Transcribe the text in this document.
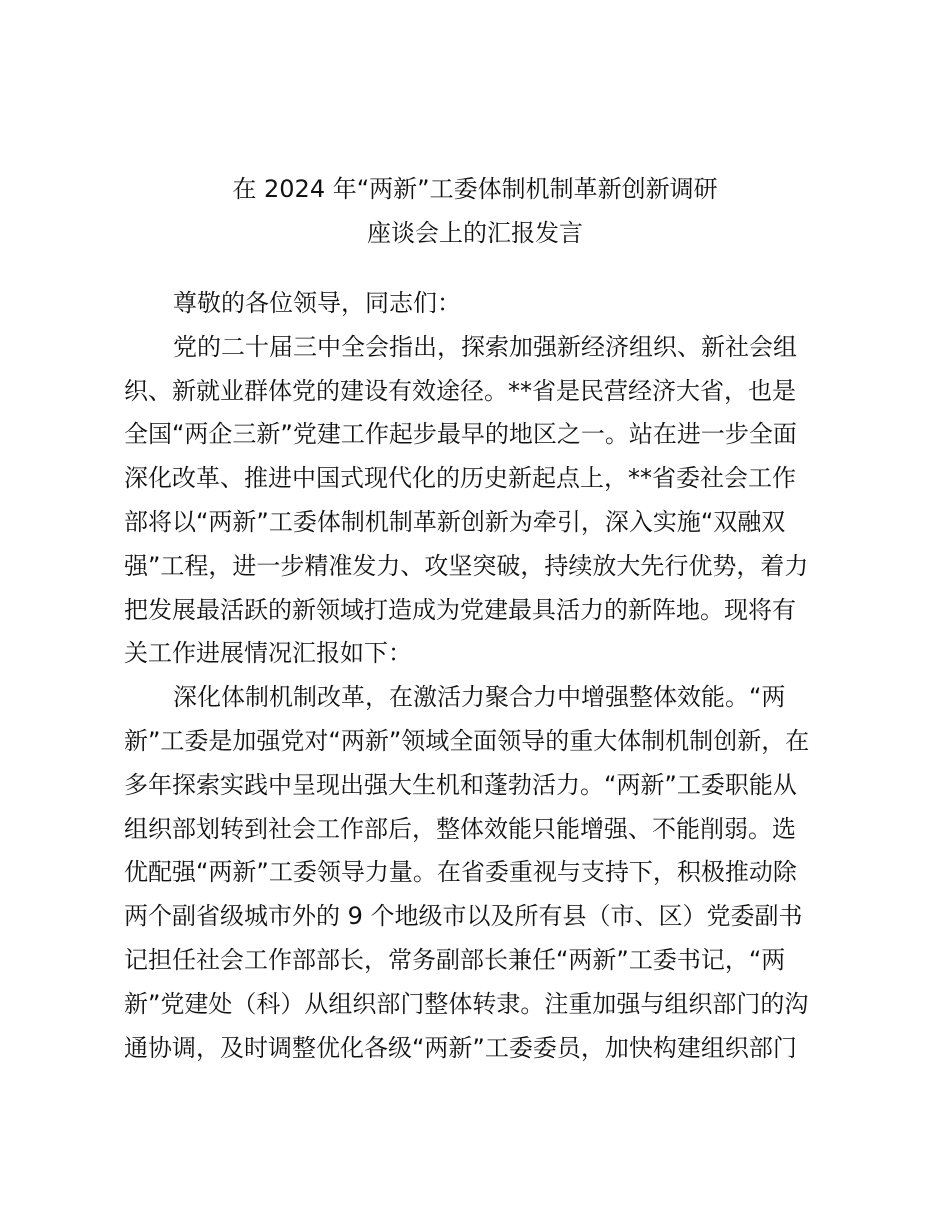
在 2024 年“两新”工委体制机制革新创新调研
座谈会上的汇报发言
尊敬的各位领导，同志们：
党的二十届三中全会指出，探索加强新经济组织、新社会组
织、新就业群体党的建设有效途径。**省是民营经济大省，也是
全国“两企三新”党建工作起步最早的地区之一。站在进一步全面
深化改革、推进中国式现代化的历史新起点上，**省委社会工作
部将以“两新”工委体制机制革新创新为牵引，深入实施“双融双
强”工程，进一步精准发力、攻坚突破，持续放大先行优势，着力
把发展最活跃的新领域打造成为党建最具活力的新阵地。现将有
关工作进展情况汇报如下：
深化体制机制改革，在激活力聚合力中增强整体效能。“两
新”工委是加强党对“两新”领域全面领导的重大体制机制创新，在
多年探索实践中呈现出强大生机和蓬勃活力。“两新”工委职能从
组织部划转到社会工作部后，整体效能只能增强、不能削弱。选
优配强“两新”工委领导力量。在省委重视与支持下，积极推动除
两个副省级城市外的 9 个地级市以及所有县（市、区）党委副书
记担任社会工作部部长，常务副部长兼任“两新”工委书记，“两
新”党建处（科）从组织部门整体转隶。注重加强与组织部门的沟
通协调，及时调整优化各级“两新”工委委员，加快构建组织部门
